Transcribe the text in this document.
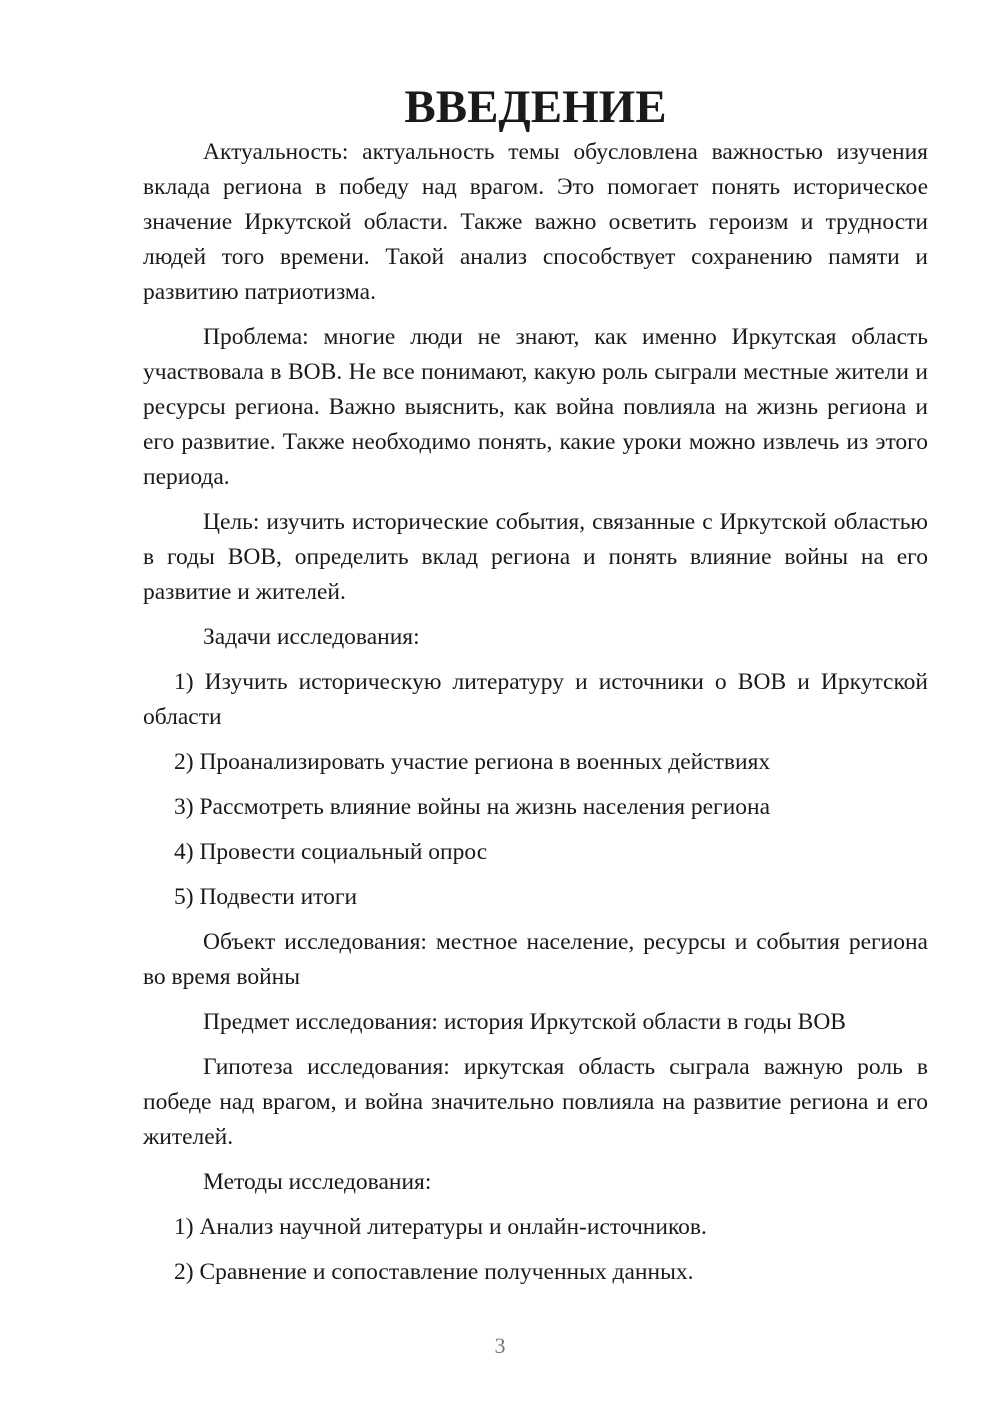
ВВЕДЕНИЕ

Актуальность: актуальность темы обусловлена важностью изучения вклада региона в победу над врагом. Это помогает понять историческое значение Иркутской области. Также важно осветить героизм и трудности людей того времени. Такой анализ способствует сохранению памяти и развитию патриотизма.

Проблема: многие люди не знают, как именно Иркутская область участвовала в ВОВ. Не все понимают, какую роль сыграли местные жители и ресурсы региона. Важно выяснить, как война повлияла на жизнь региона и его развитие. Также необходимо понять, какие уроки можно извлечь из этого периода.

Цель: изучить исторические события, связанные с Иркутской областью в годы ВОВ, определить вклад региона и понять влияние войны на его развитие и жителей.

Задачи исследования:

1) Изучить историческую литературу и источники о ВОВ и Иркутской области

2) Проанализировать участие региона в военных действиях

3) Рассмотреть влияние войны на жизнь населения региона

4) Провести социальный опрос

5) Подвести итоги

Объект исследования: местное население, ресурсы и события региона во время войны

Предмет исследования: история Иркутской области в годы ВОВ

Гипотеза исследования: иркутская область сыграла важную роль в победе над врагом, и война значительно повлияла на развитие региона и его жителей.

Методы исследования:

1) Анализ научной литературы и онлайн-источников.

2) Сравнение и сопоставление полученных данных.

3
